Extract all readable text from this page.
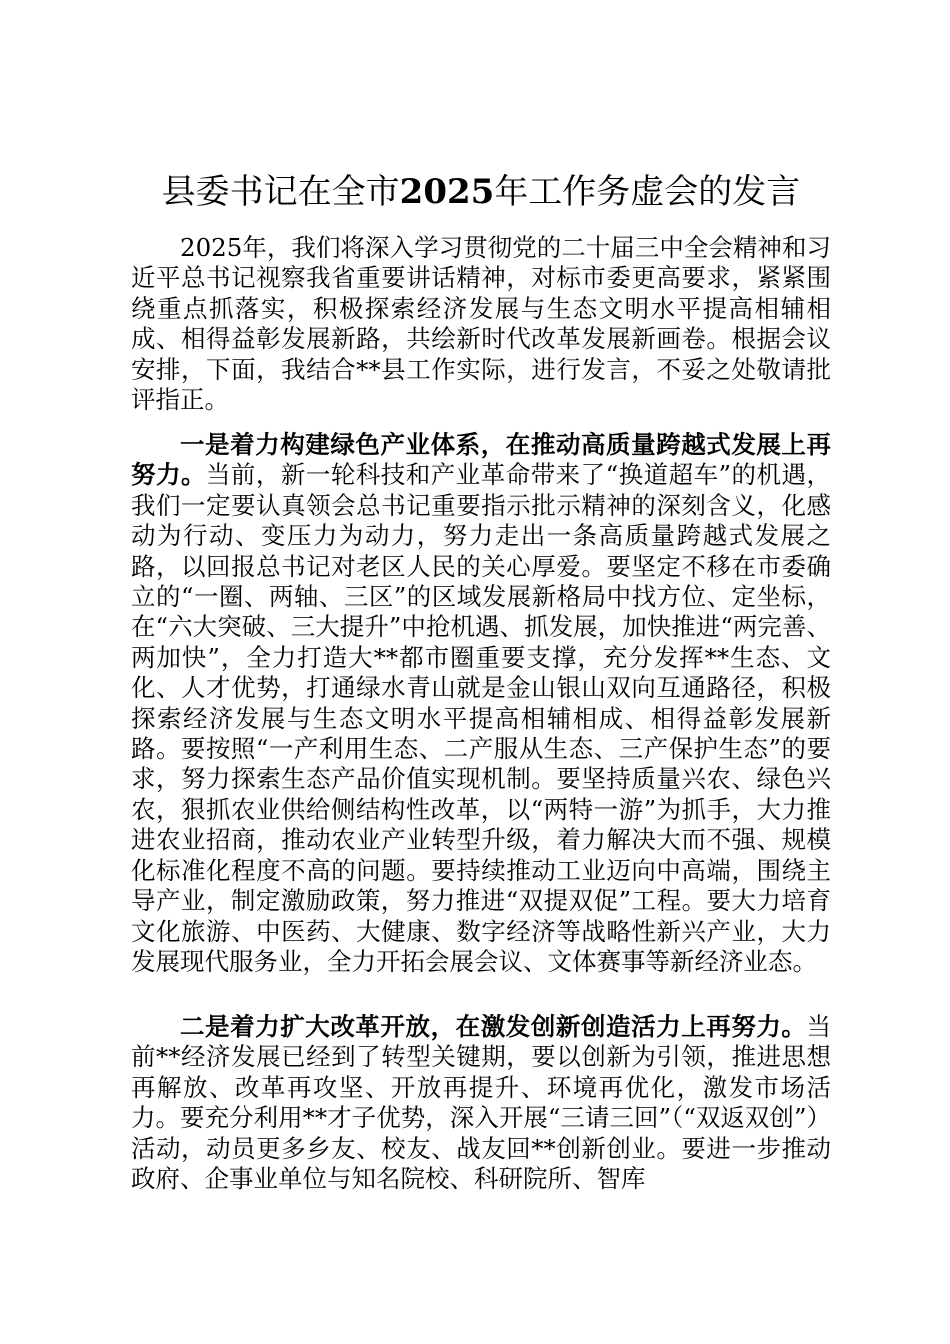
县委书记在全市2025年工作务虚会的发言

2025年，我们将深入学习贯彻党的二十届三中全会精神和习近平总书记视察我省重要讲话精神，对标市委更高要求，紧紧围绕重点抓落实，积极探索经济发展与生态文明水平提高相辅相成、相得益彰发展新路，共绘新时代改革发展新画卷。根据会议安排，下面，我结合**县工作实际，进行发言，不妥之处敬请批评指正。

一是着力构建绿色产业体系，在推动高质量跨越式发展上再努力。当前，新一轮科技和产业革命带来了“换道超车”的机遇，我们一定要认真领会总书记重要指示批示精神的深刻含义，化感动为行动、变压力为动力，努力走出一条高质量跨越式发展之路，以回报总书记对老区人民的关心厚爱。要坚定不移在市委确立的“一圈、两轴、三区”的区域发展新格局中找方位、定坐标，在“六大突破、三大提升”中抢机遇、抓发展，加快推进“两完善、两加快”，全力打造大**都市圈重要支撑，充分发挥**生态、文化、人才优势，打通绿水青山就是金山银山双向互通路径，积极探索经济发展与生态文明水平提高相辅相成、相得益彰发展新路。要按照“一产利用生态、二产服从生态、三产保护生态”的要求，努力探索生态产品价值实现机制。要坚持质量兴农、绿色兴农，狠抓农业供给侧结构性改革，以“两特一游”为抓手，大力推进农业招商，推动农业产业转型升级，着力解决大而不强、规模化标准化程度不高的问题。要持续推动工业迈向中高端，围绕主导产业，制定激励政策，努力推进“双提双促”工程。要大力培育文化旅游、中医药、大健康、数字经济等战略性新兴产业，大力发展现代服务业，全力开拓会展会议、文体赛事等新经济业态。

二是着力扩大改革开放，在激发创新创造活力上再努力。当前**经济发展已经到了转型关键期，要以创新为引领，推进思想再解放、改革再攻坚、开放再提升、环境再优化，激发市场活力。要充分利用**才子优势，深入开展“三请三回”（“双返双创”）活动，动员更多乡友、校友、战友回**创新创业。要进一步推动政府、企事业单位与知名院校、科研院所、智库
